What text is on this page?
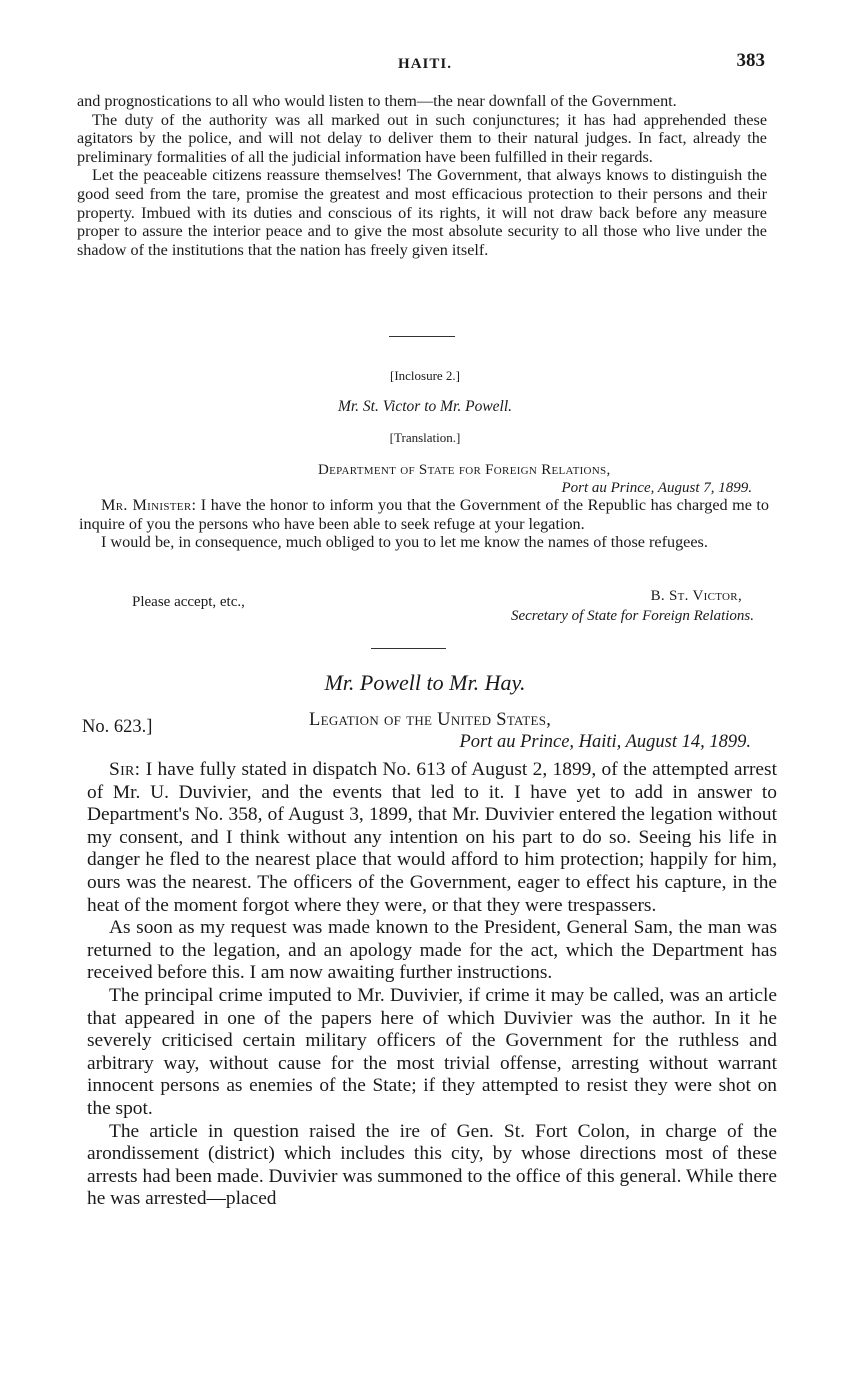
HAITI.	383

and prognostications to all who would listen to them—the near downfall of the Government.

The duty of the authority was all marked out in such conjunctures; it has had apprehended these agitators by the police, and will not delay to deliver them to their natural judges. In fact, already the preliminary formalities of all the judicial information have been fulfilled in their regards.

Let the peaceable citizens reassure themselves! The Government, that always knows to distinguish the good seed from the tare, promise the greatest and most efficacious protection to their persons and their property. Imbued with its duties and conscious of its rights, it will not draw back before any measure proper to assure the interior peace and to give the most absolute security to all those who live under the shadow of the institutions that the nation has freely given itself.

[Inclosure 2.]
Mr. St. Victor to Mr. Powell.
[Translation.]
Department of State for Foreign Relations,
Port au Prince, August 7, 1899.

Mr. Minister: I have the honor to inform you that the Government of the Republic has charged me to inquire of you the persons who have been able to seek refuge at your legation.

I would be, in consequence, much obliged to you to let me know the names of those refugees.

Please accept, etc.,	B. St. Victor,
Secretary of State for Foreign Relations.
Mr. Powell to Mr. Hay.
No. 623.]	Legation of the United States,
Port au Prince, Haiti, August 14, 1899.

Sir: I have fully stated in dispatch No. 613 of August 2, 1899, of the attempted arrest of Mr. U. Duvivier, and the events that led to it. I have yet to add in answer to Department's No. 358, of August 3, 1899, that Mr. Duvivier entered the legation without my consent, and I think without any intention on his part to do so. Seeing his life in danger he fled to the nearest place that would afford to him protection; happily for him, ours was the nearest. The officers of the Government, eager to effect his capture, in the heat of the moment forgot where they were, or that they were trespassers.

As soon as my request was made known to the President, General Sam, the man was returned to the legation, and an apology made for the act, which the Department has received before this. I am now awaiting further instructions.

The principal crime imputed to Mr. Duvivier, if crime it may be called, was an article that appeared in one of the papers here of which Duvivier was the author. In it he severely criticised certain military officers of the Government for the ruthless and arbitrary way, without cause for the most trivial offense, arresting without warrant innocent persons as enemies of the State; if they attempted to resist they were shot on the spot.

The article in question raised the ire of Gen. St. Fort Colon, in charge of the arondissement (district) which includes this city, by whose directions most of these arrests had been made. Duvivier was summoned to the office of this general. While there he was arrested—placed
